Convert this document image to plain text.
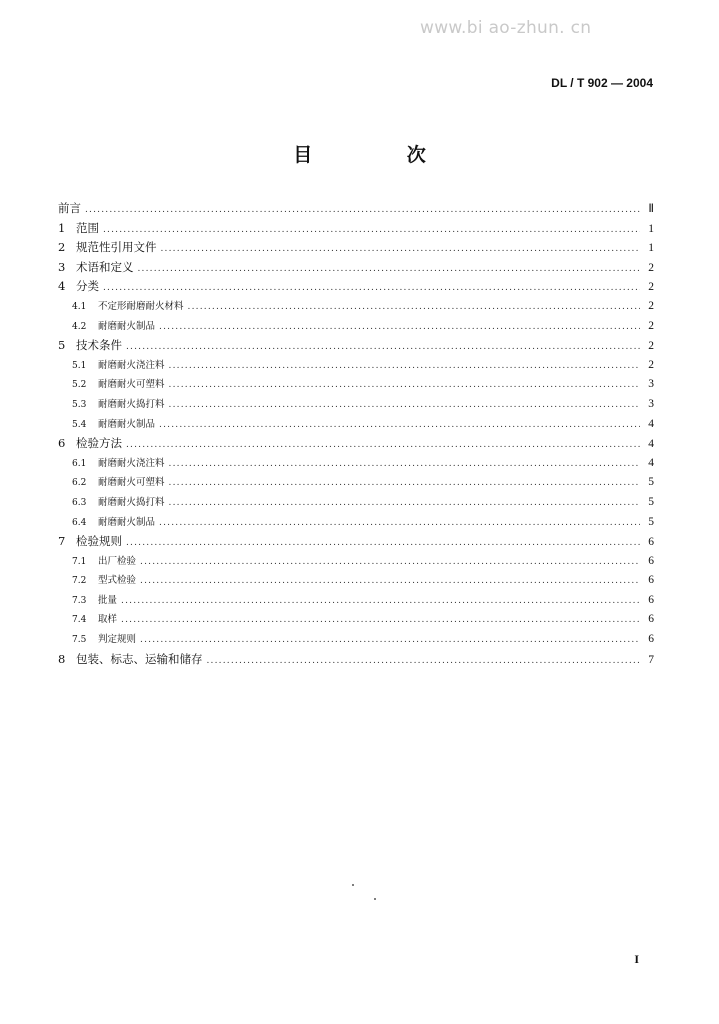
www.bi ao-zhun. cn
DL / T 902 — 2004
目 次
前言 .....	Ⅱ
1 范围 .....	1
2 规范性引用文件 .....	1
3 术语和定义 .....	2
4 分类 .....	2
4.1	不定形耐磨耐火材料 .....	2
4.2	耐磨耐火制品 .....	2
5 技术条件 .....	2
5.1	耐磨耐火浇注料 .....	2
5.2	耐磨耐火可塑料 .....	3
5.3	耐磨耐火捣打料 .....	3
5.4	耐磨耐火制品 .....	4
6 检验方法 .....	4
6.1	耐磨耐火浇注料 .....	4
6.2	耐磨耐火可塑料 .....	5
6.3	耐磨耐火捣打料 .....	5
6.4	耐磨耐火制品 .....	5
7 检验规则 .....	6
7.1	出厂检验 .....	6
7.2	型式检验 .....	6
7.3	批量 .....	6
7.4	取样 .....	6
7.5	判定规则 .....	6
8 包装、标志、运输和储存 .....	7
I
